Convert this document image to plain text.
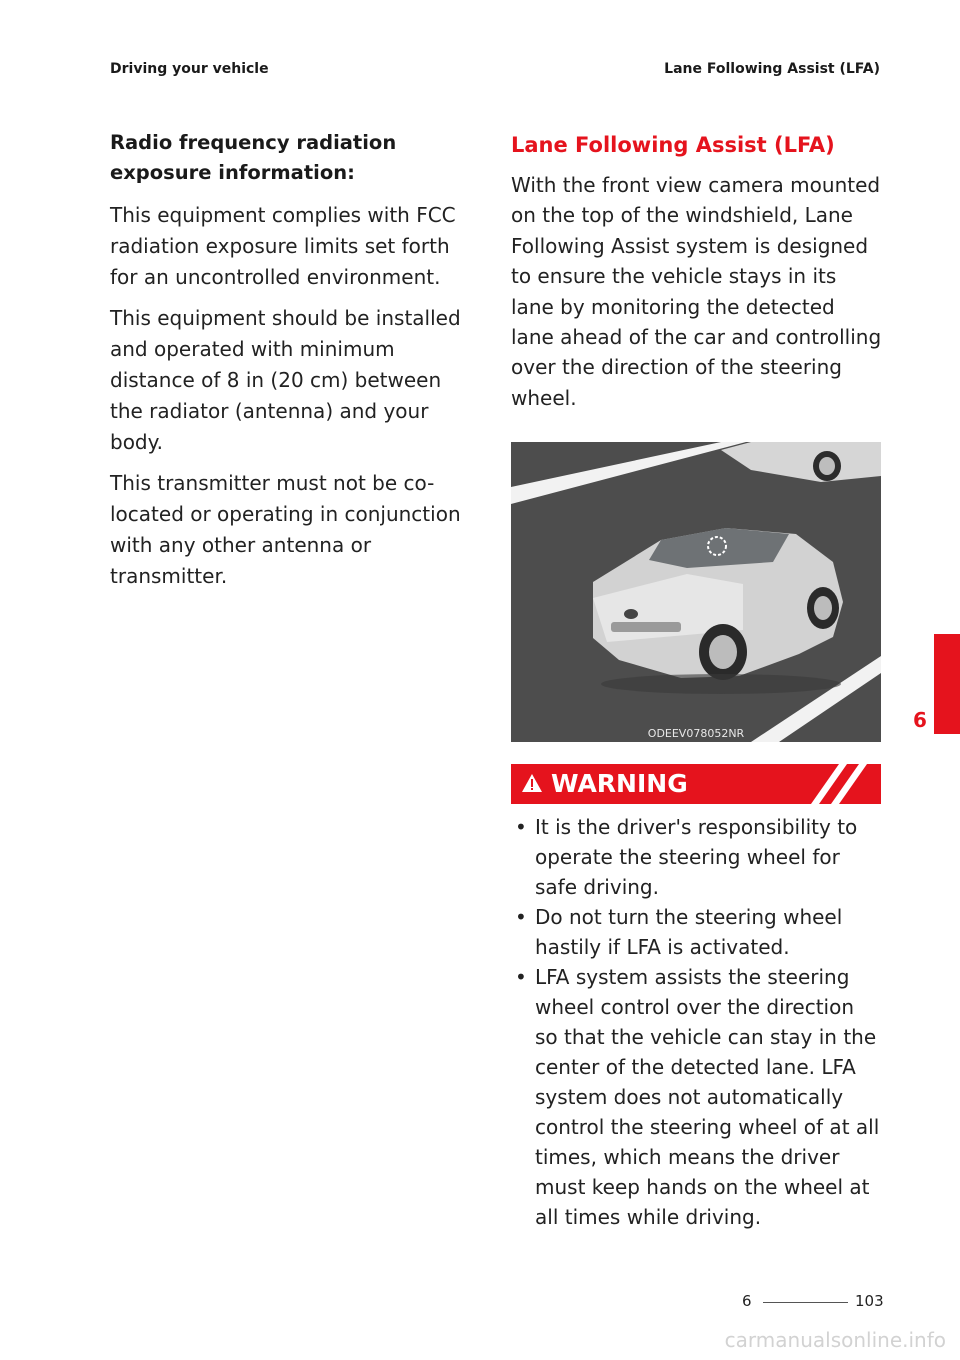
Driving your vehicle	Lane Following Assist (LFA)
Radio frequency radiation exposure information:

This equipment complies with FCC radiation exposure limits set forth for an uncontrolled environment.

This equipment should be installed and operated with minimum distance of 8 in (20 cm) between the radiator (antenna) and your body.

This transmitter must not be co-located or operating in conjunction with any other antenna or transmitter.

Lane Following Assist (LFA)

With the front view camera mounted on the top of the windshield, Lane Following Assist system is designed to ensure the vehicle stays in its lane by monitoring the detected lane ahead of the car and controlling over the direction of the steering wheel.

ODEEV078052NR
WARNING
• It is the driver's responsibility to operate the steering wheel for safe driving.
• Do not turn the steering wheel hastily if LFA is activated.
• LFA system assists the steering wheel control over the direction so that the vehicle can stay in the center of the detected lane. LFA system does not automatically control the steering wheel of at all times, which means the driver must keep hands on the wheel at all times while driving.
6
6	103
carmanualsonline.info
